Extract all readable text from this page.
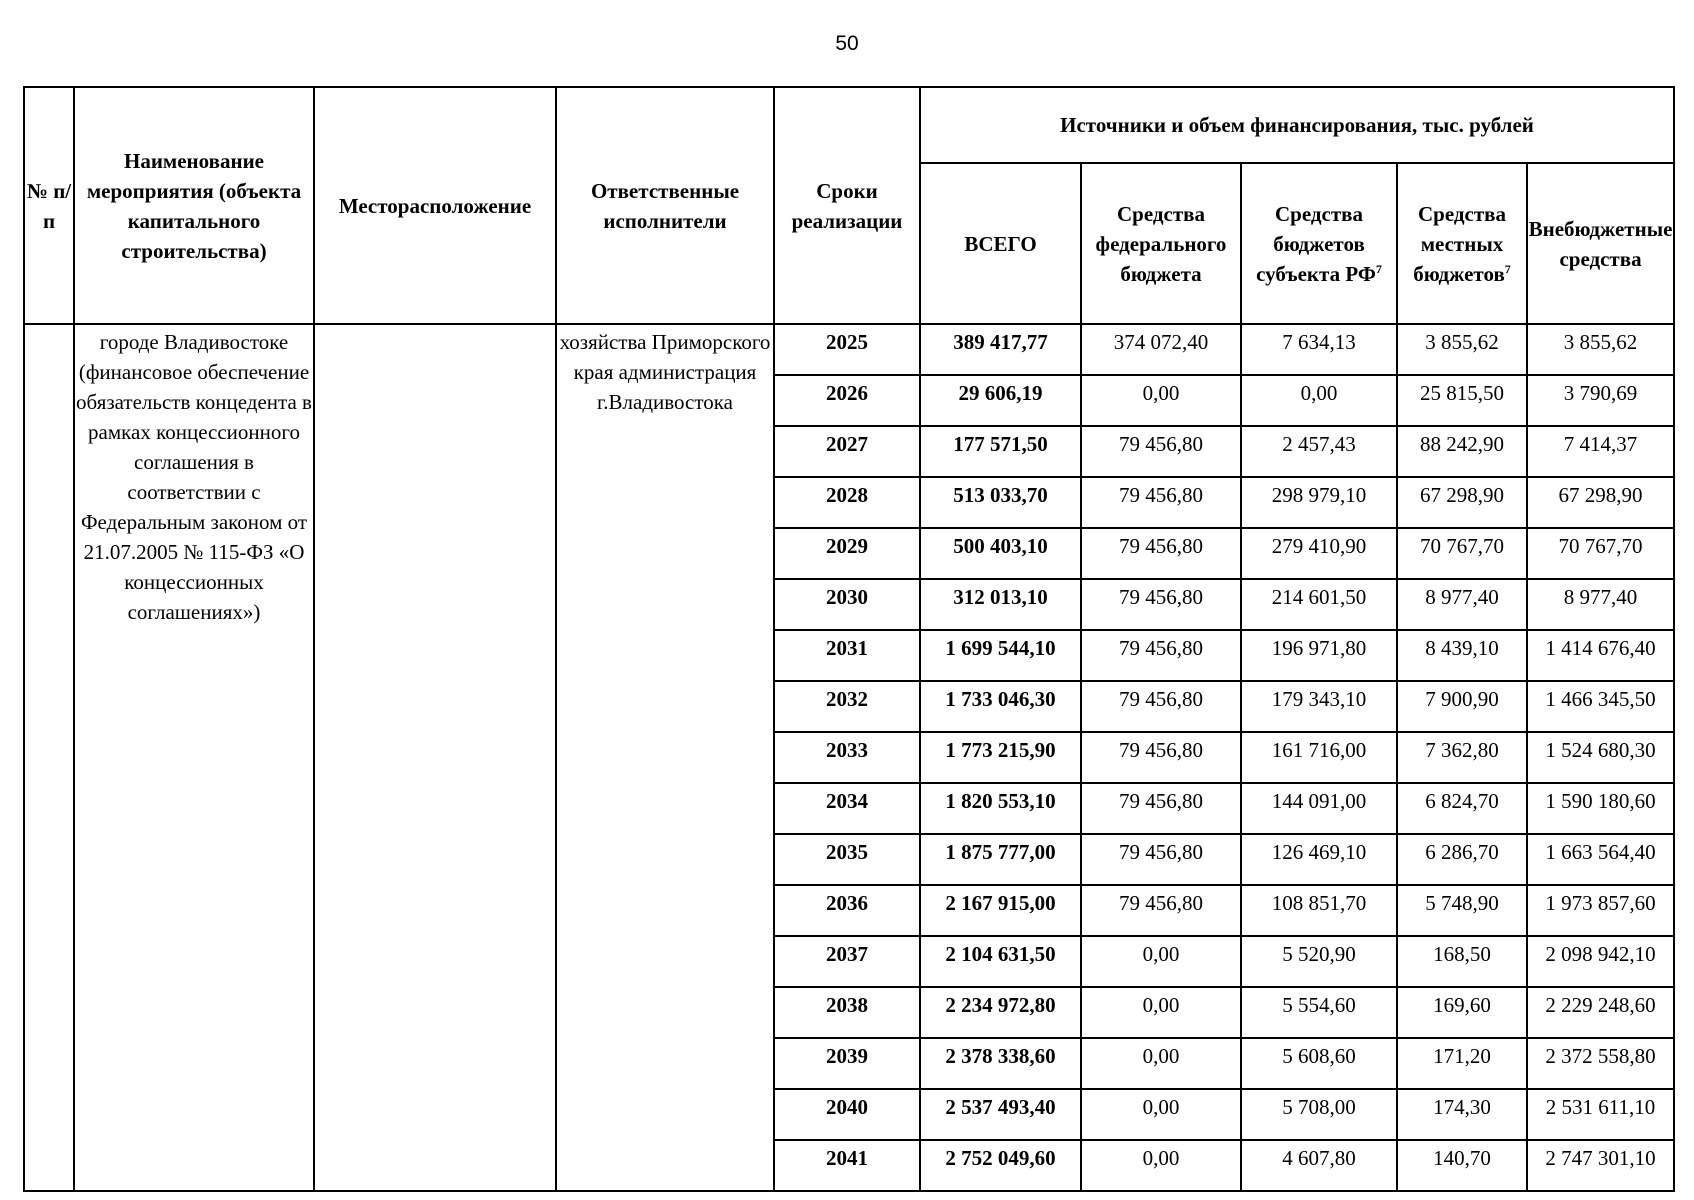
50
№ п/п	Наименование мероприятия (объекта капитального строительства)	Месторасположение	Ответственные исполнители	Сроки реализации	Источники и объем финансирования, тыс. рублей				
					ВСЕГО	Средства федерального бюджета	Средства бюджетов субъекта $РФ^7$	Средства местных бюджетов$^7$	Внебюджетные средства
	городе Владивостоке (финансовое обеспечение обязательств концедента в рамках концессионного соглашения в соответствии с Федеральным законом от 21.07.2005 № 115-ФЗ «О концессионных соглашениях»)		хозяйства Приморского края администрация г.Владивостока	2025	389 417,77	374 072,40	7 634,13	3 855,62	3 855,62
				2026	29 606,19	0,00	0,00	25 815,50	3 790,69
				2027	177 571,50	79 456,80	2 457,43	88 242,90	7 414,37
				2028	513 033,70	79 456,80	298 979,10	67 298,90	67 298,90
				2029	500 403,10	79 456,80	279 410,90	70 767,70	70 767,70
				2030	312 013,10	79 456,80	214 601,50	8 977,40	8 977,40
				2031	1 699 544,10	79 456,80	196 971,80	8 439,10	1 414 676,40
				2032	1 733 046,30	79 456,80	179 343,10	7 900,90	1 466 345,50
				2033	1 773 215,90	79 456,80	161 716,00	7 362,80	1 524 680,30
				2034	1 820 553,10	79 456,80	144 091,00	6 824,70	1 590 180,60
				2035	1 875 777,00	79 456,80	126 469,10	6 286,70	1 663 564,40
				2036	2 167 915,00	79 456,80	108 851,70	5 748,90	1 973 857,60
				2037	2 104 631,50	0,00	5 520,90	168,50	2 098 942,10
				2038	2 234 972,80	0,00	5 554,60	169,60	2 229 248,60
				2039	2 378 338,60	0,00	5 608,60	171,20	2 372 558,80
				2040	2 537 493,40	0,00	5 708,00	174,30	2 531 611,10
				2041	2 752 049,60	0,00	4 607,80	140,70	2 747 301,10
